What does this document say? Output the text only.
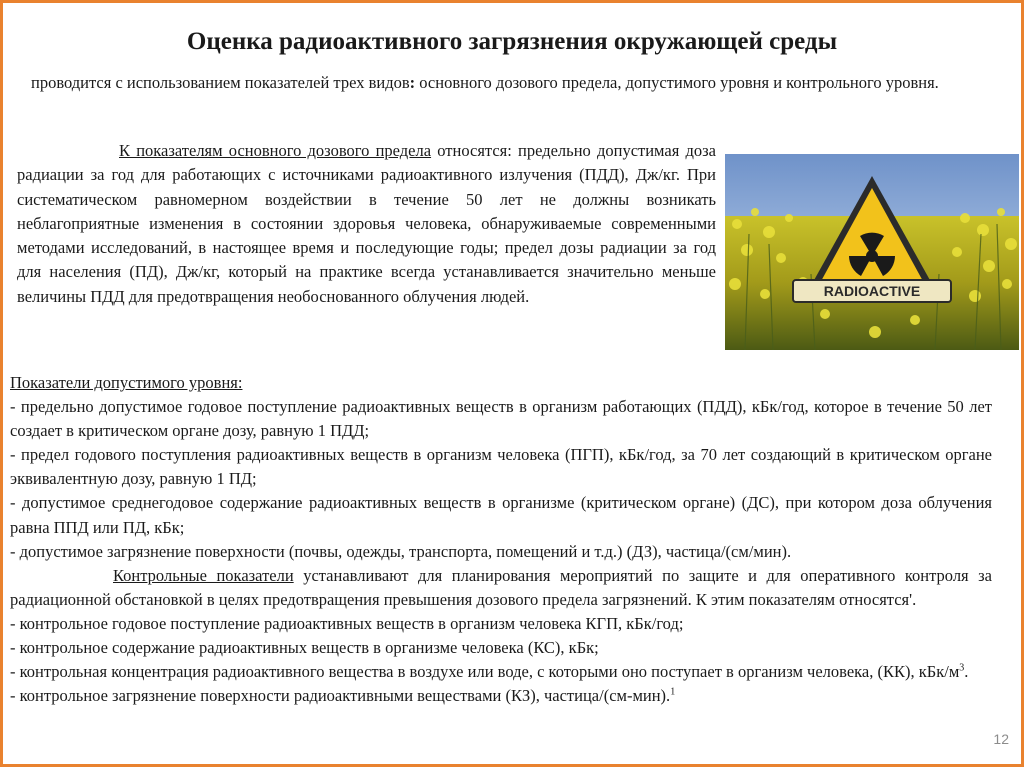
Оценка радиоактивного загрязнения окружающей среды
проводится с использованием показателей трех видов: основного дозового предела, допустимого уровня и контрольного уровня.
К показателям основного дозового предела относятся: предельно допустимая доза радиации за год для работающих с источниками радиоактивного излучения (ПДД), Дж/кг. При систематическом равномерном воздействии в течение 50 лет не должны возникать неблагоприятные изменения в состоянии здоровья человека, обнаруживаемые современными методами исследований, в настоящее время и последующие годы; предел дозы радиации за год для населения (ПД), Дж/кг, который на практике всегда устанавливается значительно меньше величины ПДД для предотвращения необоснованного облучения людей.	RADIOACTIVE

Показатели допустимого уровня:

- предельно допустимое годовое поступление радиоактивных веществ в организм работающих (ПДД), кБк/год, которое в течение 50 лет создает в критическом органе дозу, равную 1 ПДД;

- предел годового поступления радиоактивных веществ в организм человека (ПГП), кБк/год, за 70 лет создающий в критическом органе эквивалентную дозу, равную 1 ПД;

- допустимое среднегодовое содержание радиоактивных веществ в организме (критическом органе) (ДС), при котором доза облучения равна ППД или ПД, кБк;

- допустимое загрязнение поверхности (почвы, одежды, транспорта, помещений и т.д.) (ДЗ), частица/(см/мин).

Контрольные показатели устанавливают для планирования мероприятий по защите и для оперативного контроля за радиационной обстановкой в целях предотвращения превышения дозового предела загрязнений. К этим показателям относятся'.

- контрольное годовое поступление радиоактивных веществ в организм человека КГП, кБк/год;

- контрольное содержание радиоактивных веществ в организме человека (КС), кБк;

- контрольная концентрация радиоактивного вещества в воздухе или воде, с которыми оно поступает в организм человека, (КК), кБк/$м^3$.

- контрольное загрязнение поверхности радиоактивными веществами (КЗ), частица/(см-мин).$^1$

12
